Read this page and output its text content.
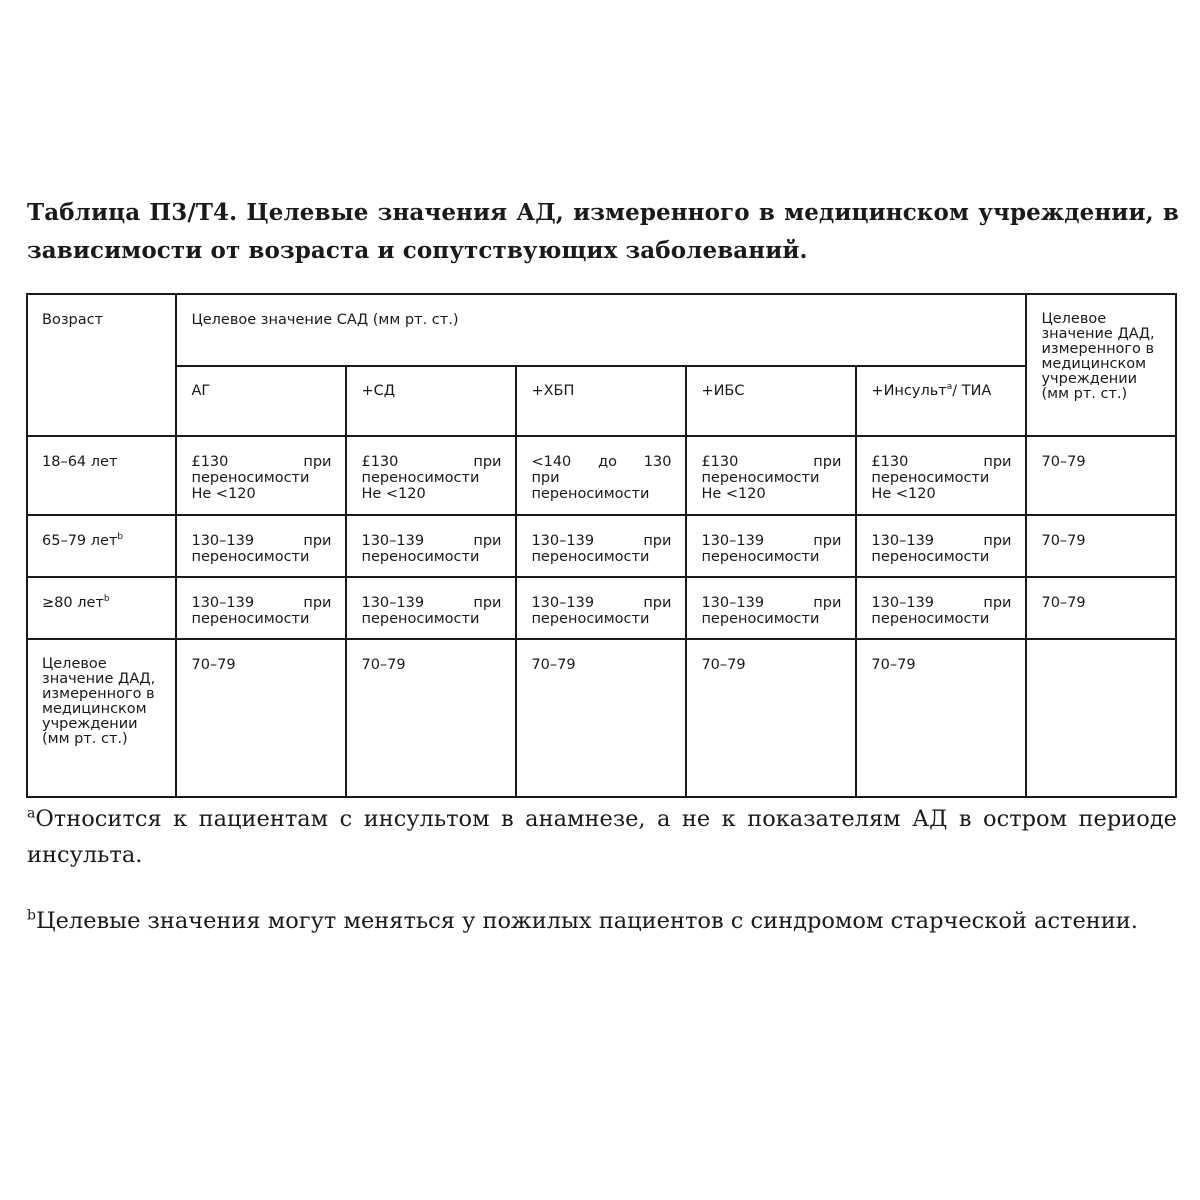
Таблица П3/Т4. Целевые значения АД, измеренного в медицинском учреждении, в зависимости от возраста и сопутствующих заболеваний.
Возраст	Целевое значение САД (мм рт. ст.)					Целевое значение ДАД, измеренного в медицинском учреждении (мм рт. ст.)

	АГ	+СД	+ХБП	+ИБС	+Инсульт$^а$/ ТИА	

18–64 лет	£130 при
переносимости Не <120	£130 при
переносимости Не <120	<140 до 130
при переносимости	£130 при
переносимости Не <120	£130 при
переносимости Не <120	70–79

65–79 лет$^b$	130–139 при
переносимости	130–139 при
переносимости	130–139 при
переносимости	130–139 при
переносимости	130–139 при
переносимости	70–79

≥80 лет$^b$	130–139 при
переносимости	130–139 при
переносимости	130–139 при
переносимости	130–139 при
переносимости	130–139 при
переносимости	70–79

Целевое значение ДАД, измеренного в медицинском учреждении (мм рт. ст.)	70–79	70–79	70–79	70–79	70–79	

$^a$Относится к пациентам с инсультом в анамнезе, а не к показателям АД в остром периоде инсульта.
$^b$Целевые значения могут меняться у пожилых пациентов с синдромом старческой астении.
